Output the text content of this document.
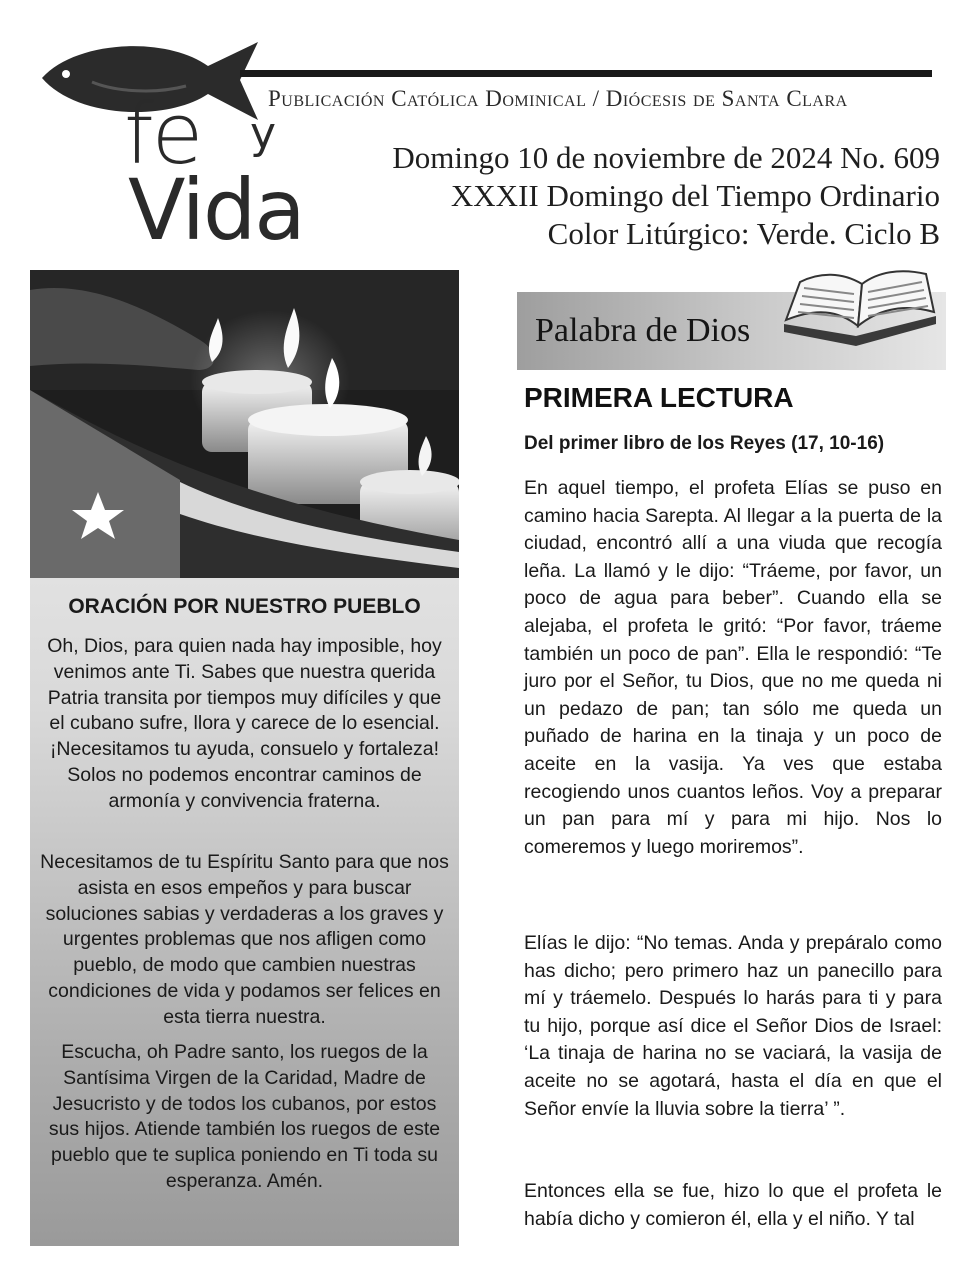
Publicación Católica Dominical / Diócesis de Santa Clara
fe y
Vida
Domingo 10 de noviembre de 2024 No. 609
XXXII Domingo del Tiempo Ordinario
Color Litúrgico: Verde. Ciclo B
ORACIÓN POR NUESTRO PUEBLO
Oh, Dios, para quien nada hay imposible, hoy venimos ante Ti. Sabes que nuestra querida Patria transita por tiempos muy difíciles y que el cubano sufre, llora y carece de lo esencial. ¡Necesitamos tu ayuda, consuelo y fortaleza! Solos no podemos encontrar caminos de armonía y convivencia fraterna.
Necesitamos de tu Espíritu Santo para que nos asista en esos empeños y para buscar soluciones sabias y verdaderas a los graves y urgentes problemas que nos afligen como pueblo, de modo que cambien nuestras condiciones de vida y podamos ser felices en esta tierra nuestra.
Escucha, oh Padre santo, los ruegos de la Santísima Virgen de la Caridad, Madre de Jesucristo y de todos los cubanos, por estos sus hijos. Atiende también los ruegos de este pueblo que te suplica poniendo en Ti toda su esperanza. Amén.
Palabra de Dios
PRIMERA LECTURA
Del primer libro de los Reyes (17, 10-16)
En aquel tiempo, el profeta Elías se puso en camino hacia Sarepta. Al llegar a la puerta de la ciudad, encontró allí a una viuda que recogía leña. La llamó y le dijo: “Tráeme, por favor, un poco de agua para beber”. Cuando ella se alejaba, el profeta le gritó: “Por favor, tráeme también un poco de pan”. Ella le respondió: “Te juro por el Señor, tu Dios, que no me queda ni un pedazo de pan; tan sólo me queda un puñado de harina en la tinaja y un poco de aceite en la vasija. Ya ves que estaba recogiendo unos cuantos leños. Voy a preparar un pan para mí y para mi hijo. Nos lo comeremos y luego moriremos”.
Elías le dijo: “No temas. Anda y prepáralo como has dicho; pero primero haz un panecillo para mí y tráemelo. Después lo harás para ti y para tu hijo, porque así dice el Señor Dios de Israel: ‘La tinaja de harina no se vaciará, la vasija de aceite no se agotará, hasta el día en que el Señor envíe la lluvia sobre la tierra’ ”.
Entonces ella se fue, hizo lo que el profeta le había dicho y comieron él, ella y el niño. Y tal
